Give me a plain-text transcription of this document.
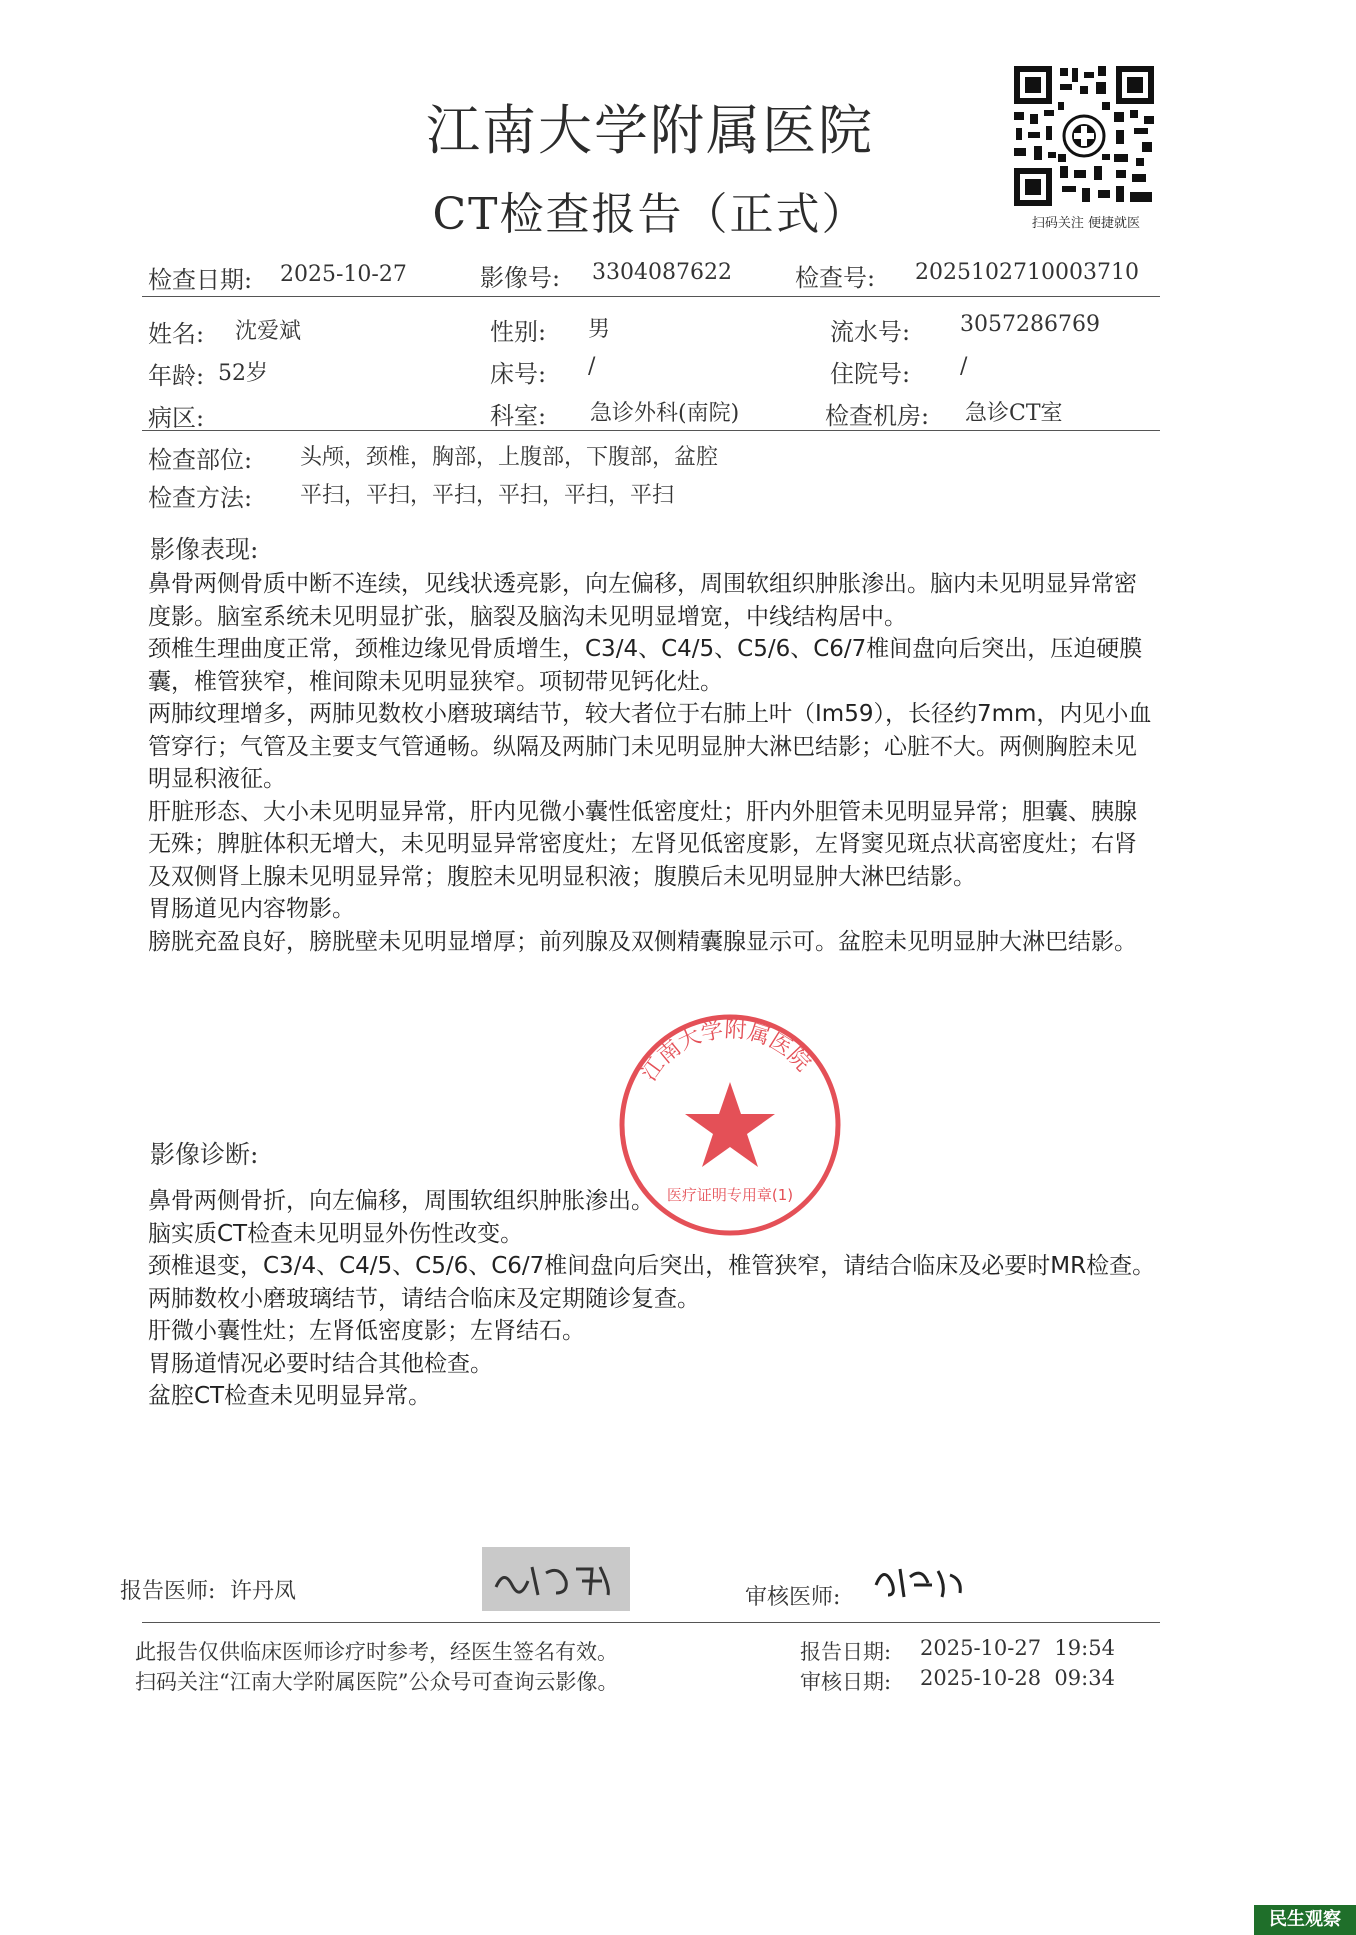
江南大学附属医院
CT检查报告（正式）	扫码关注 便捷就医
检查日期: 2025-10-27	影像号: 3304087622	检查号: 2025102710003710
姓名: 沈爱斌	性别: 男	流水号: 3057286769
年龄: 52岁	床号: /	住院号: /
病区:	科室: 急诊外科(南院)	检查机房: 急诊CT室
检查部位: 头颅，颈椎，胸部，上腹部，下腹部，盆腔
检查方法: 平扫，平扫，平扫，平扫，平扫，平扫
影像表现:

鼻骨两侧骨质中断不连续，见线状透亮影，向左偏移，周围软组织肿胀渗出。脑内未见明显异常密度影。脑室系统未见明显扩张，脑裂及脑沟未见明显增宽，中线结构居中。

颈椎生理曲度正常，颈椎边缘见骨质增生，C3/4、C4/5、C5/6、C6/7椎间盘向后突出，压迫硬膜囊，椎管狭窄，椎间隙未见明显狭窄。项韧带见钙化灶。

两肺纹理增多，两肺见数枚小磨玻璃结节，较大者位于右肺上叶（Im59），长径约7mm，内见小血管穿行；气管及主要支气管通畅。纵隔及两肺门未见明显肿大淋巴结影；心脏不大。两侧胸腔未见明显积液征。

肝脏形态、大小未见明显异常，肝内见微小囊性低密度灶；肝内外胆管未见明显异常；胆囊、胰腺无殊；脾脏体积无增大，未见明显异常密度灶；左肾见低密度影，左肾窦见斑点状高密度灶；右肾及双侧肾上腺未见明显异常；腹腔未见明显积液；腹膜后未见明显肿大淋巴结影。

胃肠道见内容物影。

膀胱充盈良好，膀胱壁未见明显增厚；前列腺及双侧精囊腺显示可。盆腔未见明显肿大淋巴结影。

影像诊断:

鼻骨两侧骨折，向左偏移，周围软组织肿胀渗出。

脑实质CT检查未见明显外伤性改变。

颈椎退变，C3/4、C4/5、C5/6、C6/7椎间盘向后突出，椎管狭窄，请结合临床及必要时MR检查。

两肺数枚小磨玻璃结节，请结合临床及定期随诊复查。

肝微小囊性灶；左肾低密度影；左肾结石。

胃肠道情况必要时结合其他检查。

盆腔CT检查未见明显异常。

江南大学附属医院
医疗证明专用章(1)
报告医师: 许丹凤	审核医师:
此报告仅供临床医师诊疗时参考，经医生签名有效。
扫码关注“江南大学附属医院”公众号可查询云影像。
报告日期: 2025-10-27  19:54
审核日期: 2025-10-28  09:34
民生观察
